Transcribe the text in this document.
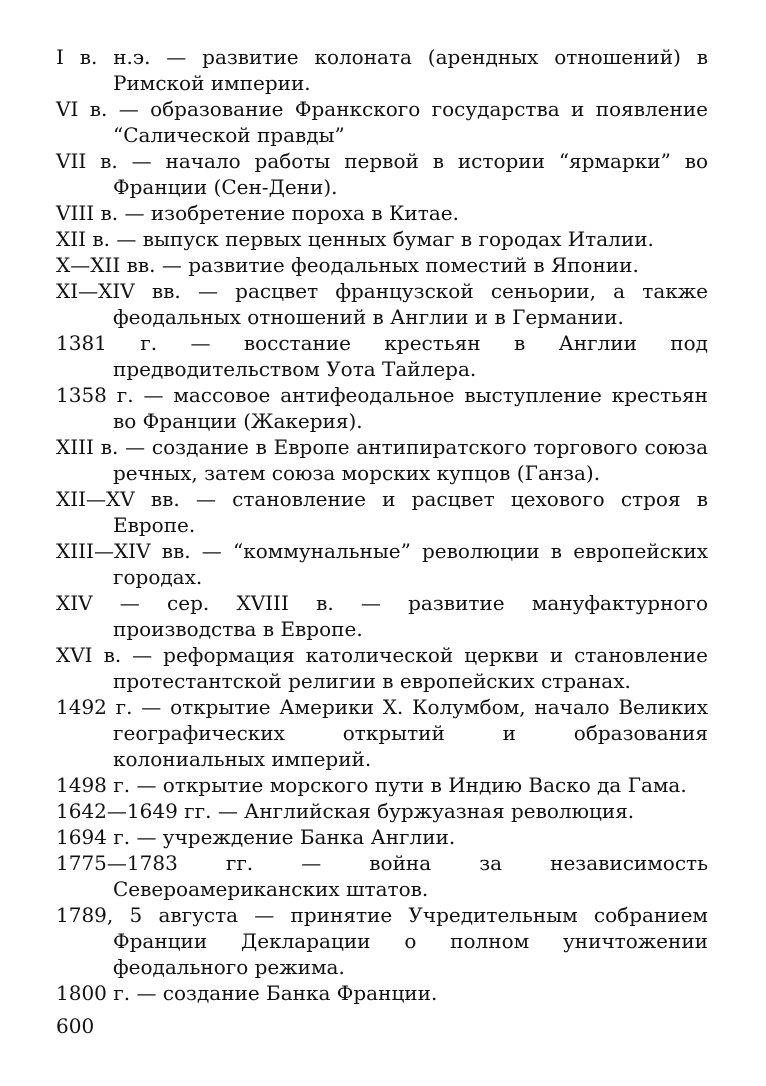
I в. н.э. — развитие колоната (арендных отношений) в Римской империи.

VI в. — образование Франкского государства и появление “Салической правды”

VII в. — начало работы первой в истории “ярмарки” во Франции (Сен-Дени).

VIII в. — изобретение пороха в Китае.

XII в. — выпуск первых ценных бумаг в городах Италии.

X—XII вв. — развитие феодальных поместий в Японии.

XI—XIV вв. — расцвет французской сеньории, а также феодальных отношений в Англии и в Германии.

1381 г. — восстание крестьян в Англии под предводительством Уота Тайлера.

1358 г. — массовое антифеодальное выступление крестьян во Франции (Жакерия).

XIII в. — создание в Европе антипиратского торгового союза речных, затем союза морских купцов (Ганза).

XII—XV вв. — становление и расцвет цехового строя в Европе.

XIII—XIV вв. — “коммунальные” революции в европейских городах.

XIV — сер. XVIII в. — развитие мануфактурного производства в Европе.

XVI в. — реформация католической церкви и становление протестантской религии в европейских странах.

1492 г. — открытие Америки Х. Колумбом, начало Великих географических открытий и образования колониальных империй.

1498 г. — открытие морского пути в Индию Васко да Гама.

1642—1649 гг. — Английская буржуазная революция.

1694 г. — учреждение Банка Англии.

1775—1783 гг. — война за независимость Североамериканских штатов.

1789, 5 августа — принятие Учредительным собранием Франции Декларации о полном уничтожении феодального режима.

1800 г. — создание Банка Франции.

600
